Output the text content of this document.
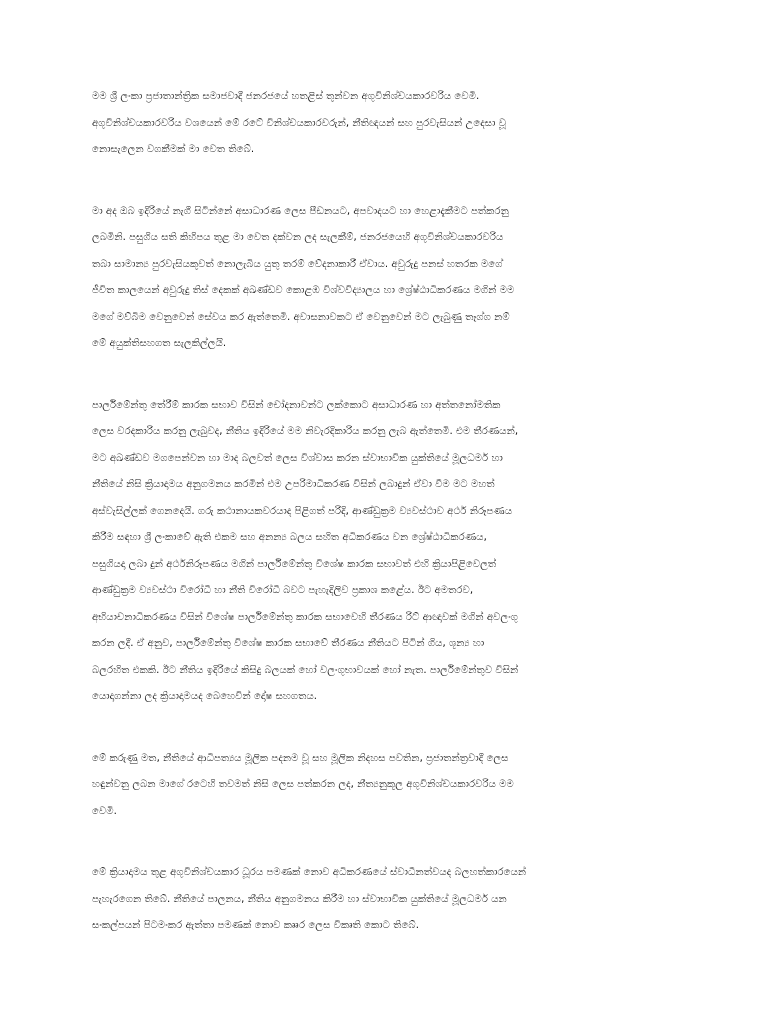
මම ශ්‍රී ලංකා ප්‍රජාතාන්ත්‍රික සමාජවාදී ජනරජයේ හතළිස් තුන්වන අගුවිනිශ්චයකාරවරිය වෙමි.
අගුවිනිශ්චයකාරවරිය වශයෙන් මේ රටේ විනිශ්චයකාරවරුන්, නීතිඥයන් සහ පුරවැසියන් උදෙසා වූ
නොසැලෙන වගකීමක් මා වෙත තිබේ.
මා අද ඔබ ඉදිරියේ නැගී සිටින්නේ අසාධාරණ ලෙස පීඩනයට, අපවාදයට හා හෙළාදැකීමට පත්කරනු
ලබමිනි. පසුගිය සති කිහිපය තුළ මා වෙත දක්වන ලද සැලකීම්, ජනරජයෙහි අගුවිනිශ්චයකාරවරිය
තබා සාමාන්‍ය පුරවැසියකුවත් නොලැබිය යුතු තරම් වේදනාකාරී ඒවාය. අවුරුදු පනස් හතරක මගේ
ජීවිත කාලයෙන් අවුරුදු තිස් දෙකක් අඛණ්ඩව කොළඹ විශ්වවිද්‍යාලය හා ශ්‍රේෂ්ඨාධිකරණය මගින් මම
මගේ මව්බිම වෙනුවෙන් සේවය කර ඇත්තෙමි. අවාසනාවකට ඒ වෙනුවෙන් මට ලැබුණු තෑග්ග නම්
මේ අයුක්තිසහගත සැලකිල්ලයි.
පාර්ලිමේන්තු තේරීම් කාරක සභාව විසින් චෝදනාවන්ට ලක්කොට අසාධාරණ හා අත්තනෝමතික
ලෙස වරදකාරිය කරනු ලැබුවද, නීතිය ඉදිරියේ මම නිවැරදිකාරිය කරනු ලැබ ඇත්තෙමි. එම තීරණයන්,
මට අඛණ්ඩව මගපෙන්වන හා මාද බලවත් ලෙස විශ්වාස කරන ස්වාභාවික යුක්තියේ මූලධර්ම හා
නීතියේ නිසි ක්‍රියාදාමය අනුගමනය කරමින් එම උපරිමාධිකරණ විසින් ලබාදුන් ඒවා වීම මට මහත්
අස්වැසිල්ලක් ගෙනදෙයි. ගරු කථානායකවරයාද පිළිගත් පරිදි, ආණ්ඩුක්‍රම ව්‍යවස්ථාව අර්ථ නිරූපණය
කිරීම සඳහා ශ්‍රී ලංකාවේ ඇති එකම සහ අනන්‍ය බලය සහිත අධිකරණය වන ශ්‍රේෂ්ඨාධිකරණය,
පසුගියදා ලබා දුන් අර්ථනිරූපණය මගින් පාර්ලිමේන්තු විශේෂ කාරක සභාවත් එහි ක්‍රියාපිළිවෙලත්
ආණ්ඩුක්‍රම ව්‍යවස්ථා විරෝධී හා නීති විරෝධී බවට පැහැදිලිව ප්‍රකාශ කළේය. ඊට අමතරව,
අභියාචනාධිකරණය විසින් විශේෂ පාර්ලිමේන්තු කාරක සභාවෙහි තීරණය රිට් ආඥාවක් මගින් අවලංගු
කරන ලදී. ඒ අනුව, පාර්ලිමේන්තු විශේෂ කාරක සභාවේ තීරණය නීතියට පිටින් ගිය, ශූන්‍ය හා
බලරහිත එකකි. ඊට නීතිය ඉදිරියේ කිසිදු බලයක් හෝ වලංගුභාවයක් හෝ නැත. පාර්ලිමේන්තුව විසින්
යොදාගන්නා ලද ක්‍රියාදාමයද බෙහෙවින් දෝෂ සහගතය.
මේ කරුණු මත, නීතියේ ආධිපත්‍යය මූලික පදනම වූ සහ මූලික නිදහස පවතින, ප්‍රජාතන්ත්‍රවාදී ලෙස
හඳුන්වනු ලබන මාගේ රටෙහි තවමත් නිසි ලෙස පත්කරන ලද, නීත්‍යනුකූල අගුවිනිශ්චයකාරවරිය මම
වෙමි.
මේ ක්‍රියාදාමය තුළ අගුවිනිශ්චයකාර ධූරය පමණක් නොව අධිකරණයේ ස්වාධීනත්වයද බලහත්කාරයෙන්
පැහැරගෙන තිබේ. නීතියේ පාලනය, නීතිය අනුගමනය කිරීම හා ස්වාභාවික යුක්තියේ මූලධර්ම යන
සංකල්පයන් පිටමංකර ඇත්තා පමණක් නොව කෲර ලෙස විකෘති කොට තිබේ.
